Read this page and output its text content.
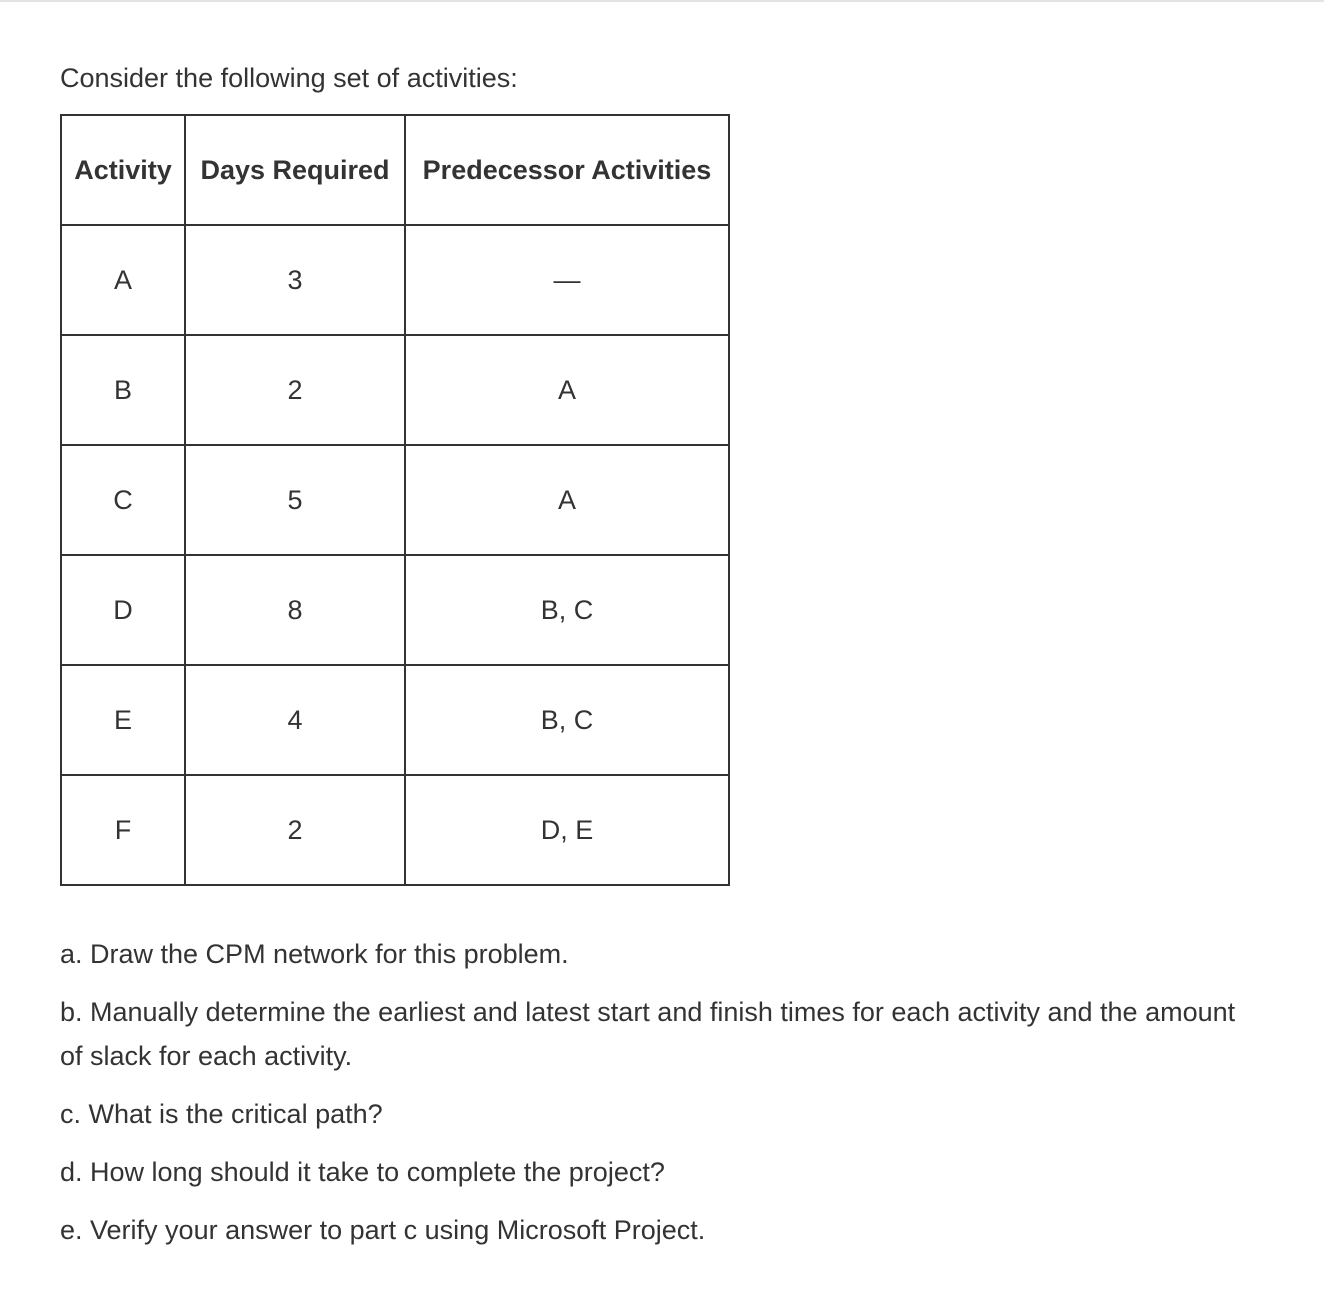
Consider the following set of activities:

Activity	Days Required	Predecessor Activities
A	3	—
B	2	A
C	5	A
D	8	B, C
E	4	B, C
F	2	D, E

a. Draw the CPM network for this problem.

b. Manually determine the earliest and latest start and finish times for each activity and the amount of slack for each activity.

c. What is the critical path?

d. How long should it take to complete the project?

e. Verify your answer to part c using Microsoft Project.
